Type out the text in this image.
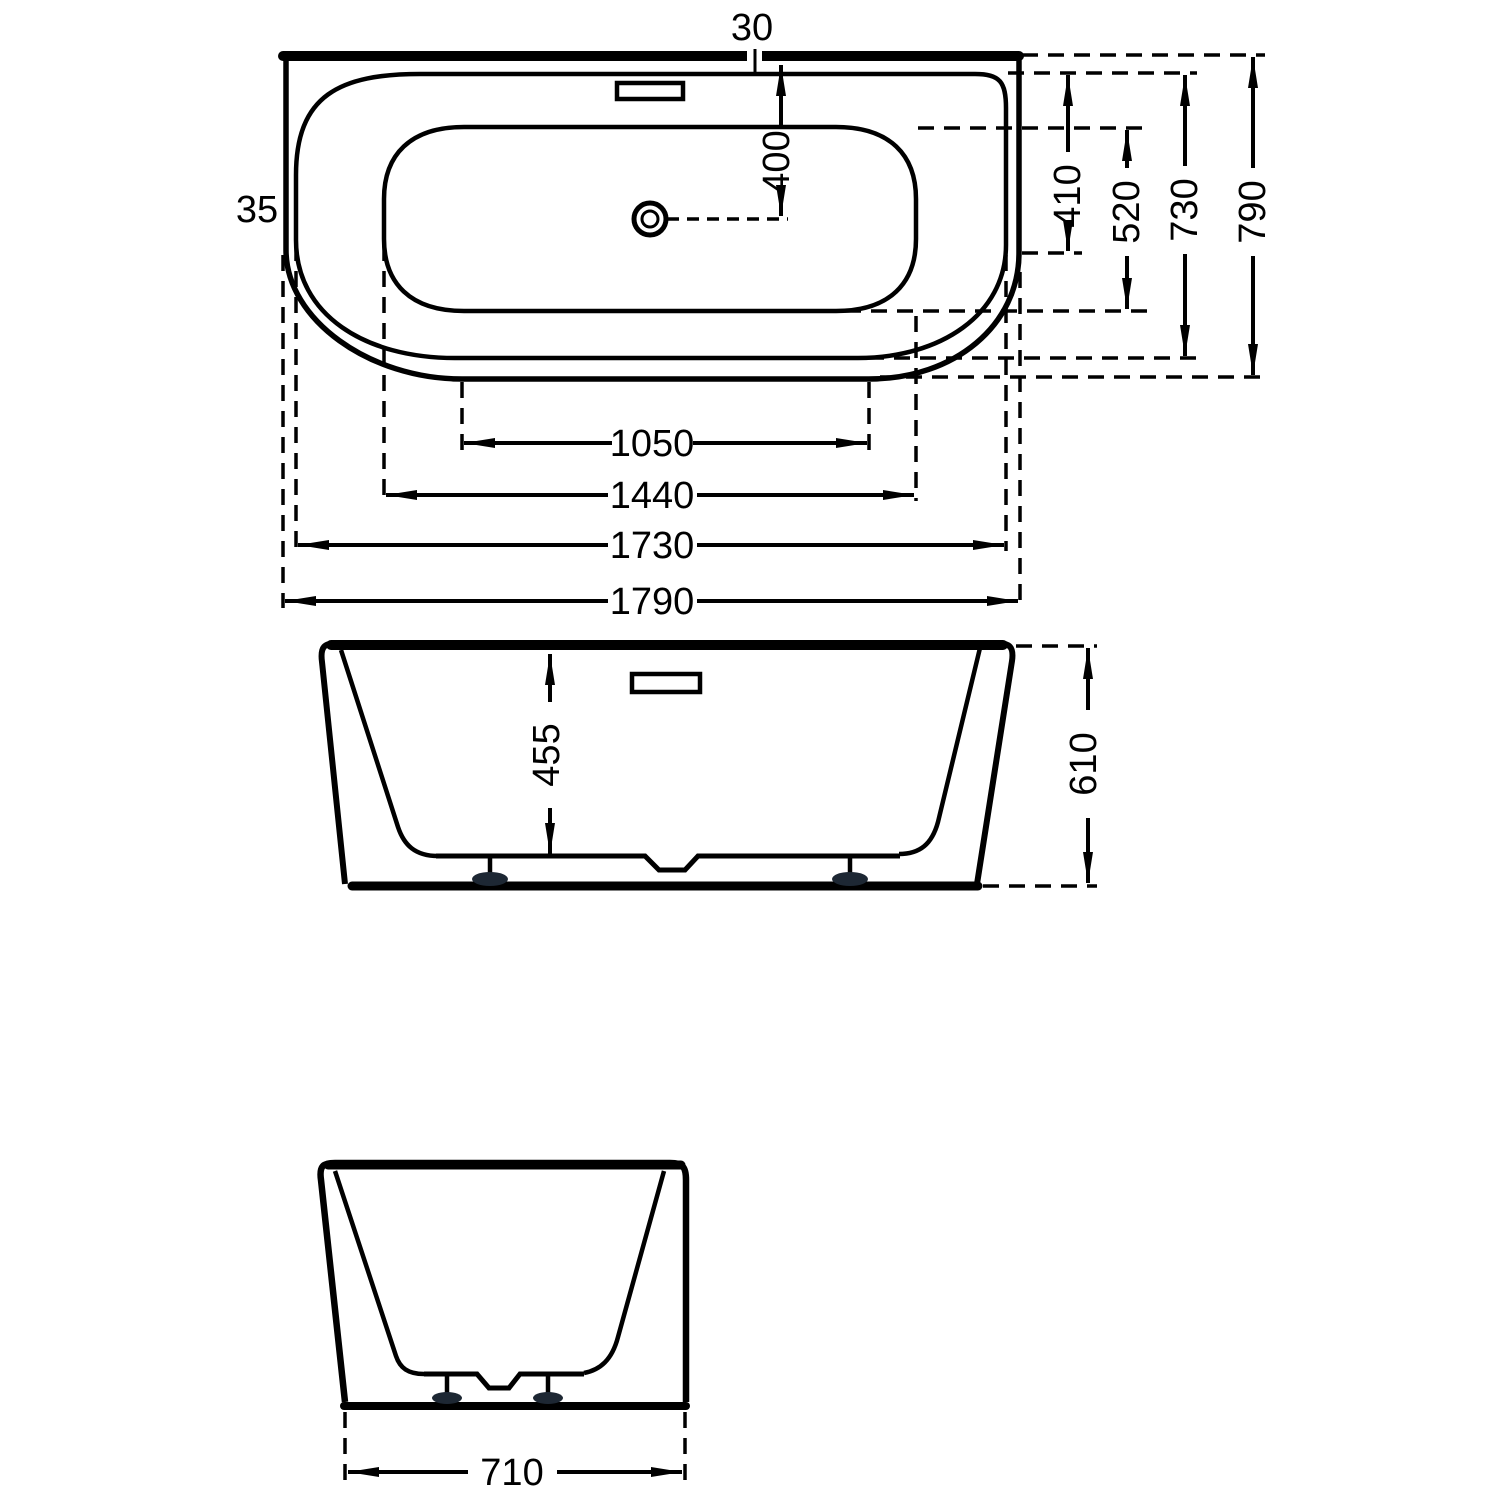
400
30
35	410 520 730 790
1050
1440
1730
1790
455	610
710
